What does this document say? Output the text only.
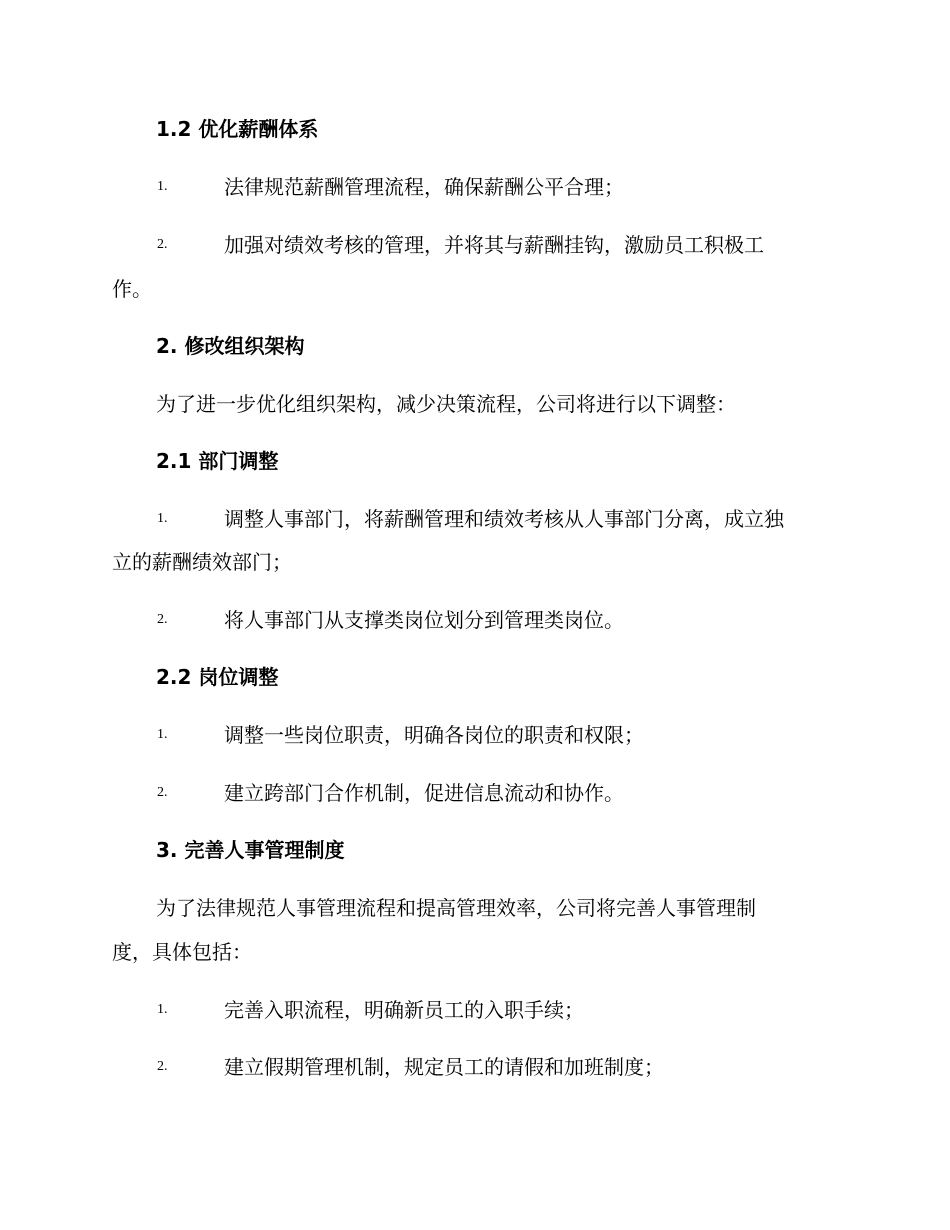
1.2 优化薪酬体系
1.	法律规范薪酬管理流程，确保薪酬公平合理；
2.	加强对绩效考核的管理，并将其与薪酬挂钩，激励员工积极工
作。
2. 修改组织架构
为了进一步优化组织架构，减少决策流程，公司将进行以下调整：
2.1 部门调整
1.	调整人事部门，将薪酬管理和绩效考核从人事部门分离，成立独
立的薪酬绩效部门；
2.	将人事部门从支撑类岗位划分到管理类岗位。
2.2 岗位调整
1.	调整一些岗位职责，明确各岗位的职责和权限；
2.	建立跨部门合作机制，促进信息流动和协作。
3. 完善人事管理制度
为了法律规范人事管理流程和提高管理效率，公司将完善人事管理制
度，具体包括：
1.	完善入职流程，明确新员工的入职手续；
2.	建立假期管理机制，规定员工的请假和加班制度；
